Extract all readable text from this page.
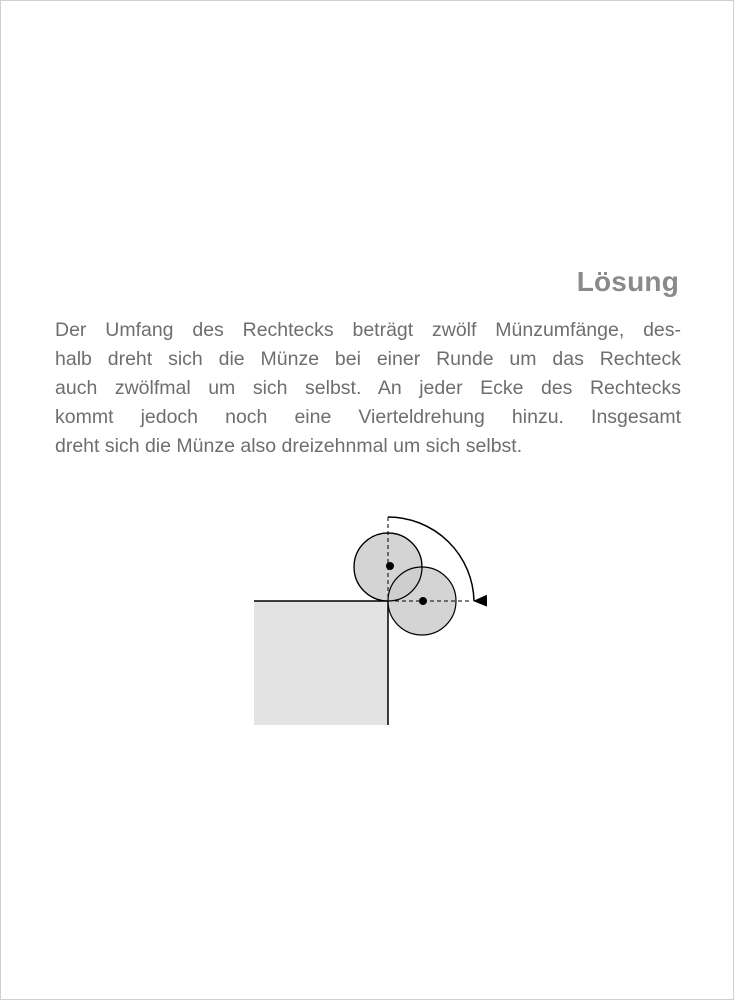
Lösung

Der Umfang des Rechtecks beträgt zwölf Münzumfänge, des-
halb dreht sich die Münze bei einer Runde um das Rechteck
auch zwölfmal um sich selbst. An jeder Ecke des Rechtecks
kommt jedoch noch eine Vierteldrehung hinzu. Insgesamt
dreht sich die Münze also dreizehnmal um sich selbst.
